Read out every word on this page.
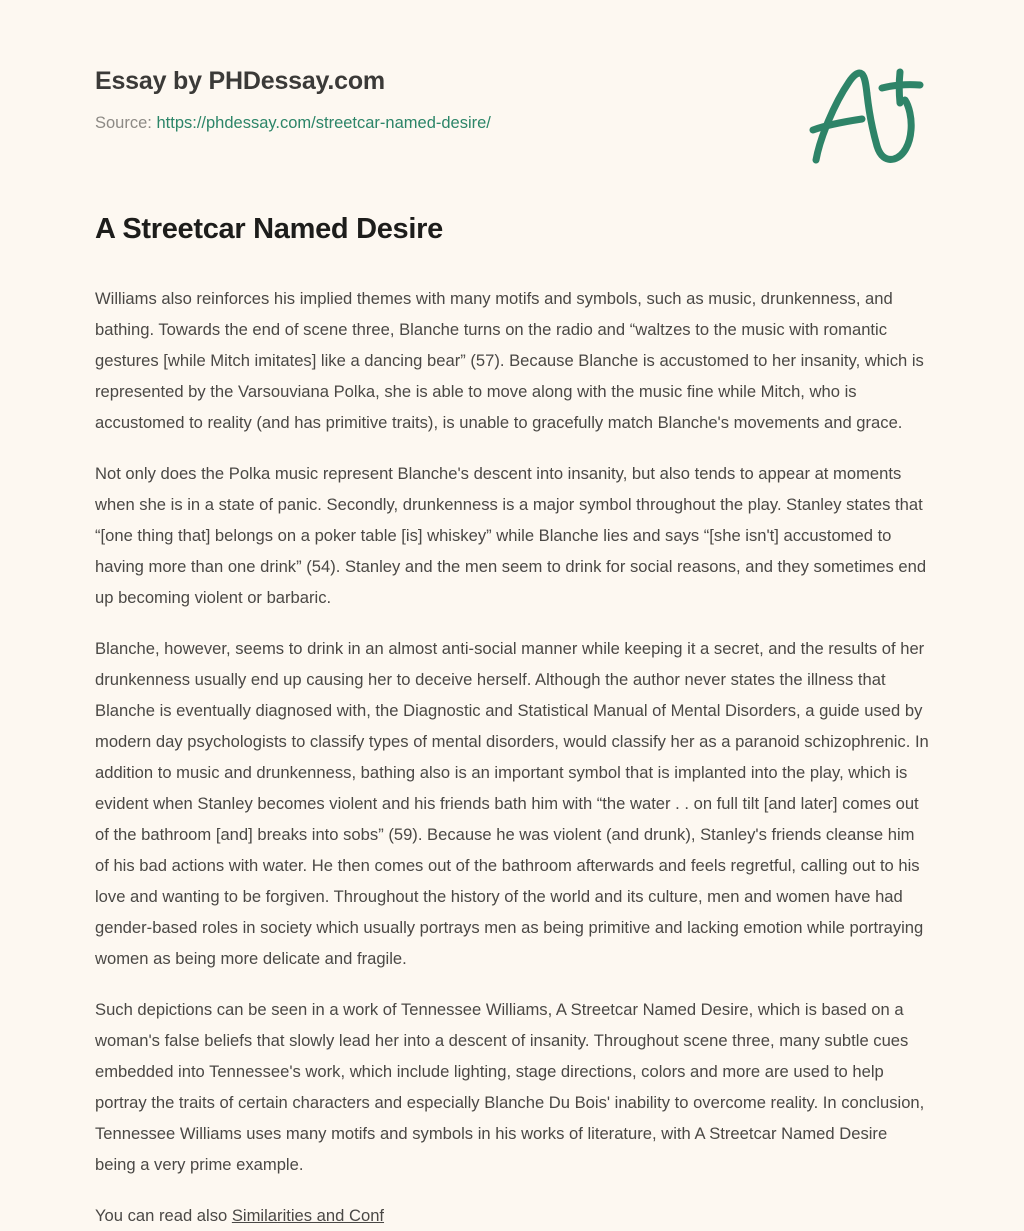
Essay by PHDessay.com
Source: https://phdessay.com/streetcar-named-desire/
A Streetcar Named Desire

Williams also reinforces his implied themes with many motifs and symbols, such as music, drunkenness, and bathing. Towards the end of scene three, Blanche turns on the radio and “waltzes to the music with romantic gestures [while Mitch imitates] like a dancing bear” (57). Because Blanche is accustomed to her insanity, which is represented by the Varsouviana Polka, she is able to move along with the music fine while Mitch, who is accustomed to reality (and has primitive traits), is unable to gracefully match Blanche's movements and grace.

Not only does the Polka music represent Blanche's descent into insanity, but also tends to appear at moments when she is in a state of panic. Secondly, drunkenness is a major symbol throughout the play. Stanley states that “[one thing that] belongs on a poker table [is] whiskey” while Blanche lies and says “[she isn't] accustomed to having more than one drink” (54). Stanley and the men seem to drink for social reasons, and they sometimes end up becoming violent or barbaric.

Blanche, however, seems to drink in an almost anti-social manner while keeping it a secret, and the results of her drunkenness usually end up causing her to deceive herself. Although the author never states the illness that Blanche is eventually diagnosed with, the Diagnostic and Statistical Manual of Mental Disorders, a guide used by modern day psychologists to classify types of mental disorders, would classify her as a paranoid schizophrenic. In addition to music and drunkenness, bathing also is an important symbol that is implanted into the play, which is evident when Stanley becomes violent and his friends bath him with “the water . . on full tilt [and later] comes out of the bathroom [and] breaks into sobs” (59). Because he was violent (and drunk), Stanley's friends cleanse him of his bad actions with water. He then comes out of the bathroom afterwards and feels regretful, calling out to his love and wanting to be forgiven. Throughout the history of the world and its culture, men and women have had gender-based roles in society which usually portrays men as being primitive and lacking emotion while portraying women as being more delicate and fragile.

Such depictions can be seen in a work of Tennessee Williams, A Streetcar Named Desire, which is based on a woman's false beliefs that slowly lead her into a descent of insanity. Throughout scene three, many subtle cues embedded into Tennessee's work, which include lighting, stage directions, colors and more are used to help portray the traits of certain characters and especially Blanche Du Bois' inability to overcome reality. In conclusion, Tennessee Williams uses many motifs and symbols in his works of literature, with A Streetcar Named Desire being a very prime example.

You can read also Similarities and Conf
